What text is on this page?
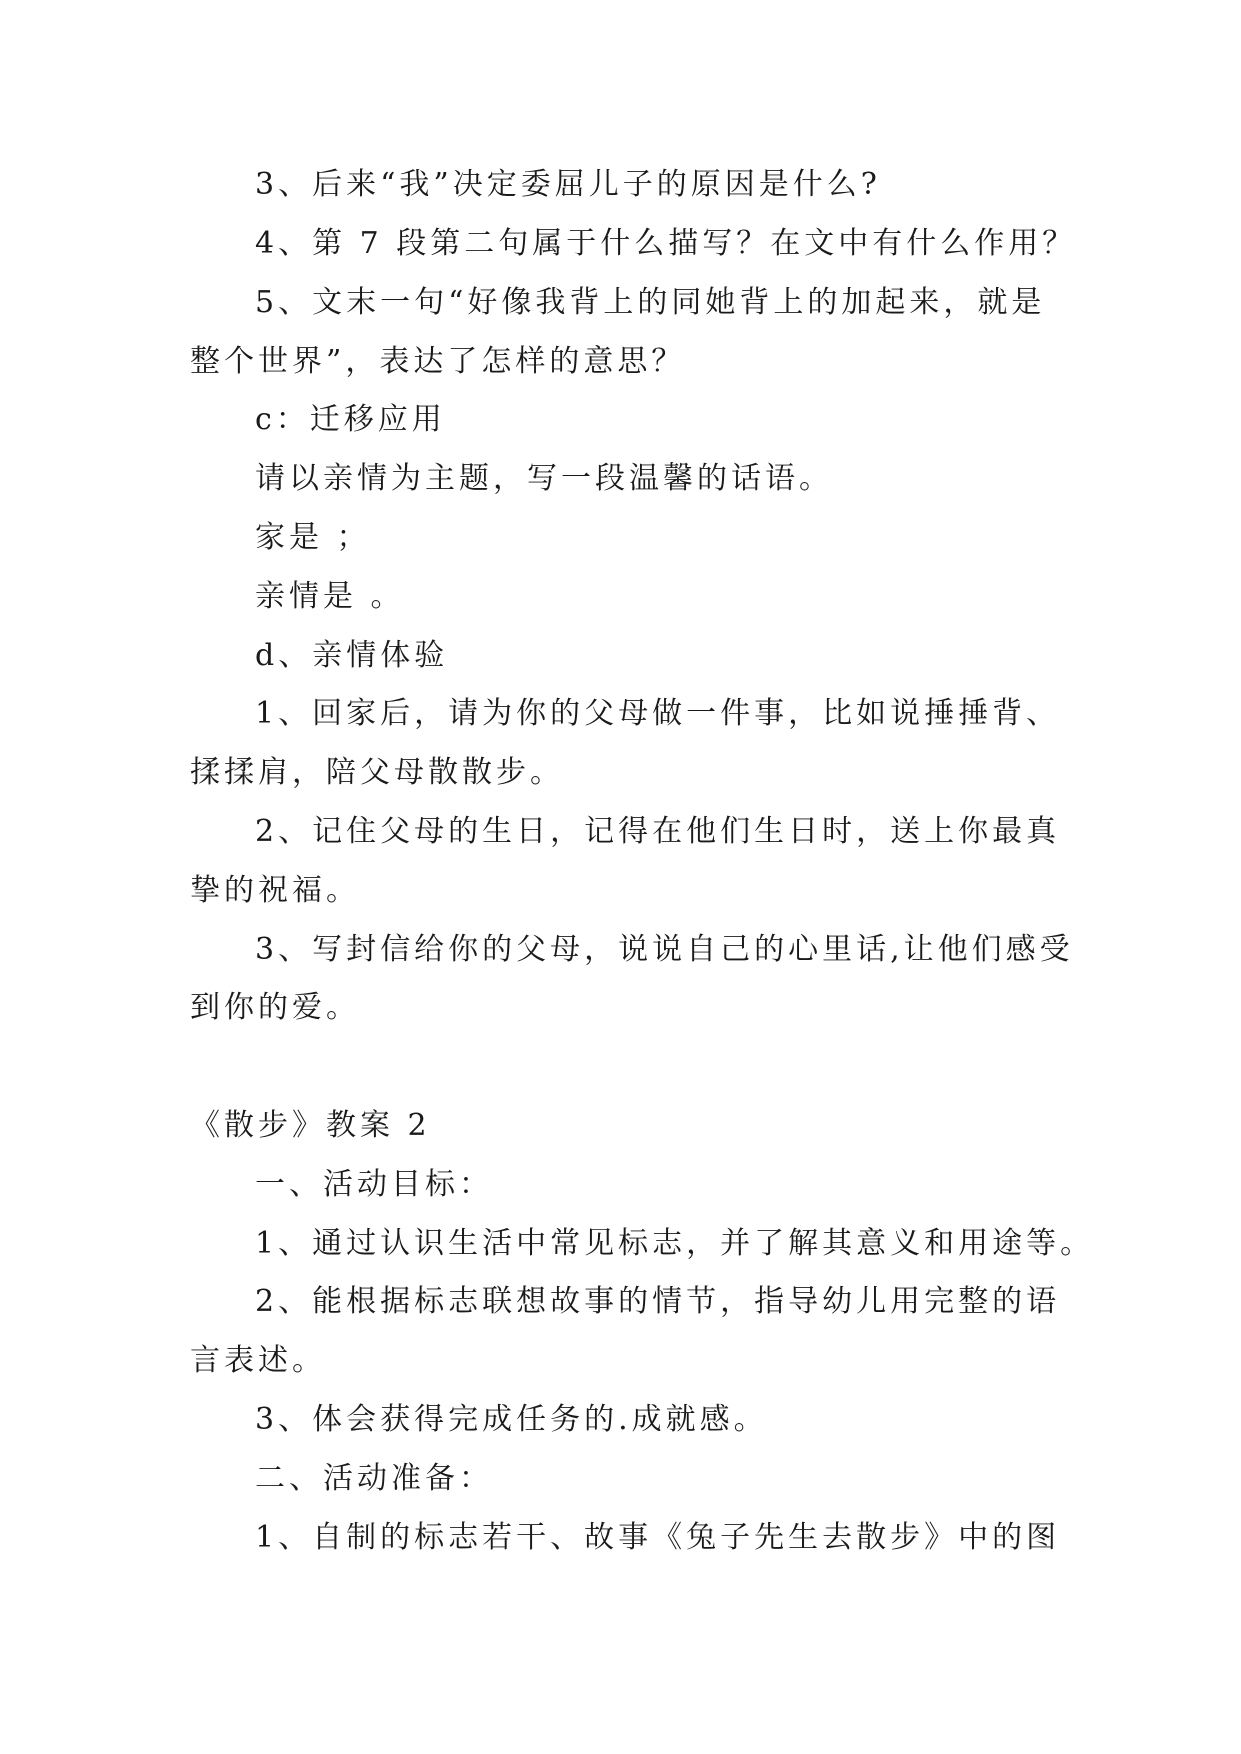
3、后来“我”决定委屈儿子的原因是什么?
4、第 7 段第二句属于什么描写？在文中有什么作用？
5、文末一句“好像我背上的同她背上的加起来，就是
整个世界”，表达了怎样的意思？
c：迁移应用
请以亲情为主题，写一段温馨的话语。
家是 ；
亲情是 。
d、亲情体验
1、回家后，请为你的父母做一件事，比如说捶捶背、
揉揉肩，陪父母散散步。
2、记住父母的生日，记得在他们生日时，送上你最真
挚的祝福。
3、写封信给你的父母，说说自己的心里话,让他们感受
到你的爱。
《散步》教案 2
一、活动目标：
1、通过认识生活中常见标志，并了解其意义和用途等。
2、能根据标志联想故事的情节，指导幼儿用完整的语
言表述。
3、体会获得完成任务的.成就感。
二、活动准备：
1、自制的标志若干、故事《兔子先生去散步》中的图
